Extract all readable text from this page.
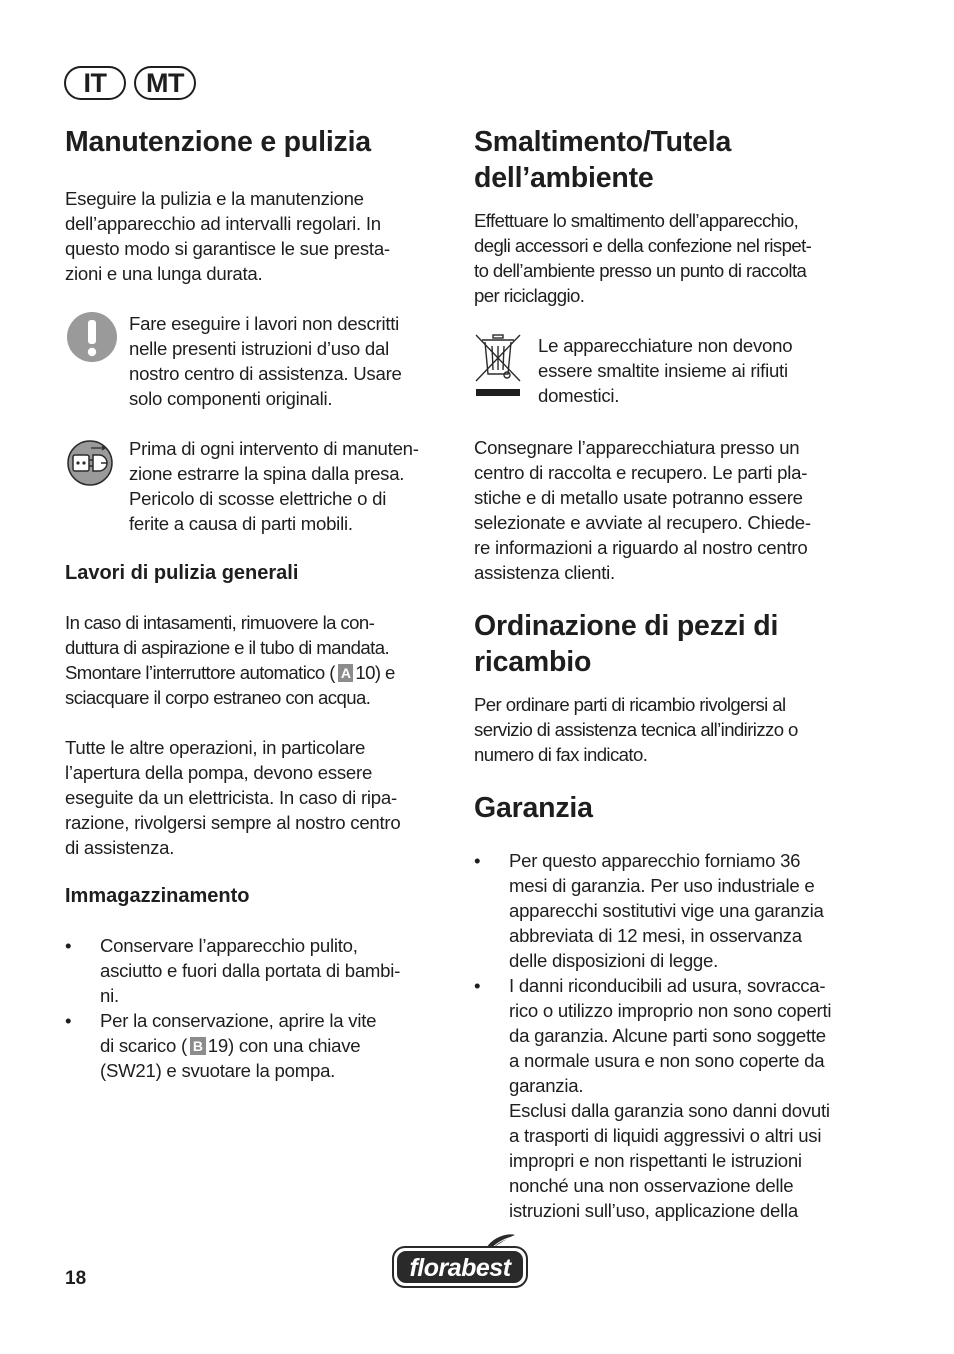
IT	MT
Manutenzione e pulizia

Eseguire la pulizia e la manutenzione
dell’apparecchio ad intervalli regolari. In
questo modo si garantisce le sue presta-
zioni e una lunga durata.

Fare eseguire i lavori non descritti
nelle presenti istruzioni d’uso dal
nostro centro di assistenza. Usare
solo componenti originali.

Prima di ogni intervento di manuten-
zione estrarre la spina dalla presa.
Pericolo di scosse elettriche o di
ferite a causa di parti mobili.

Lavori di pulizia generali

In caso di intasamenti, rimuovere la con-
duttura di aspirazione e il tubo di mandata.
Smontare l’interruttore automatico ( A 10) e
sciacquare il corpo estraneo con acqua.

Tutte le altre operazioni, in particolare
l’apertura della pompa, devono essere
eseguite da un elettricista. In caso di ripa-
razione, rivolgersi sempre al nostro centro
di assistenza.

Immagazzinamento
•	Conservare l’apparecchio pulito,
asciutto e fuori dalla portata di bambi-
ni.

•	Per la conservazione, aprire la vite
di scarico ( B 19) con una chiave
(SW21) e svuotare la pompa.

Smaltimento/Tutela
dell’ambiente

Effettuare lo smaltimento dell’apparecchio,
degli accessori e della confezione nel rispet-
to dell’ambiente presso un punto di raccolta
per riciclaggio.

Le apparecchiature non devono
essere smaltite insieme ai rifiuti
domestici.

Consegnare l’apparecchiatura presso un
centro di raccolta e recupero. Le parti pla-
stiche e di metallo usate potranno essere
selezionate e avviate al recupero. Chiede-
re informazioni a riguardo al nostro centro
assistenza clienti.

Ordinazione di pezzi di
ricambio

Per ordinare parti di ricambio rivolgersi al
servizio di assistenza tecnica all’indirizzo o
numero di fax indicato.

Garanzia
•	Per questo apparecchio forniamo 36
mesi di garanzia. Per uso industriale e
apparecchi sostitutivi vige una garanzia
abbreviata di 12 mesi, in osservanza
delle disposizioni di legge.

•	I danni riconducibili ad usura, sovracca-
rico o utilizzo improprio non sono coperti
da garanzia. Alcune parti sono soggette
a normale usura e non sono coperte da
garanzia.
Esclusi dalla garanzia sono danni dovuti
a trasporti di liquidi aggressivi o altri usi
impropri e non rispettanti le istruzioni
nonché una non osservazione delle
istruzioni sull’uso, applicazione della

18	florabest
